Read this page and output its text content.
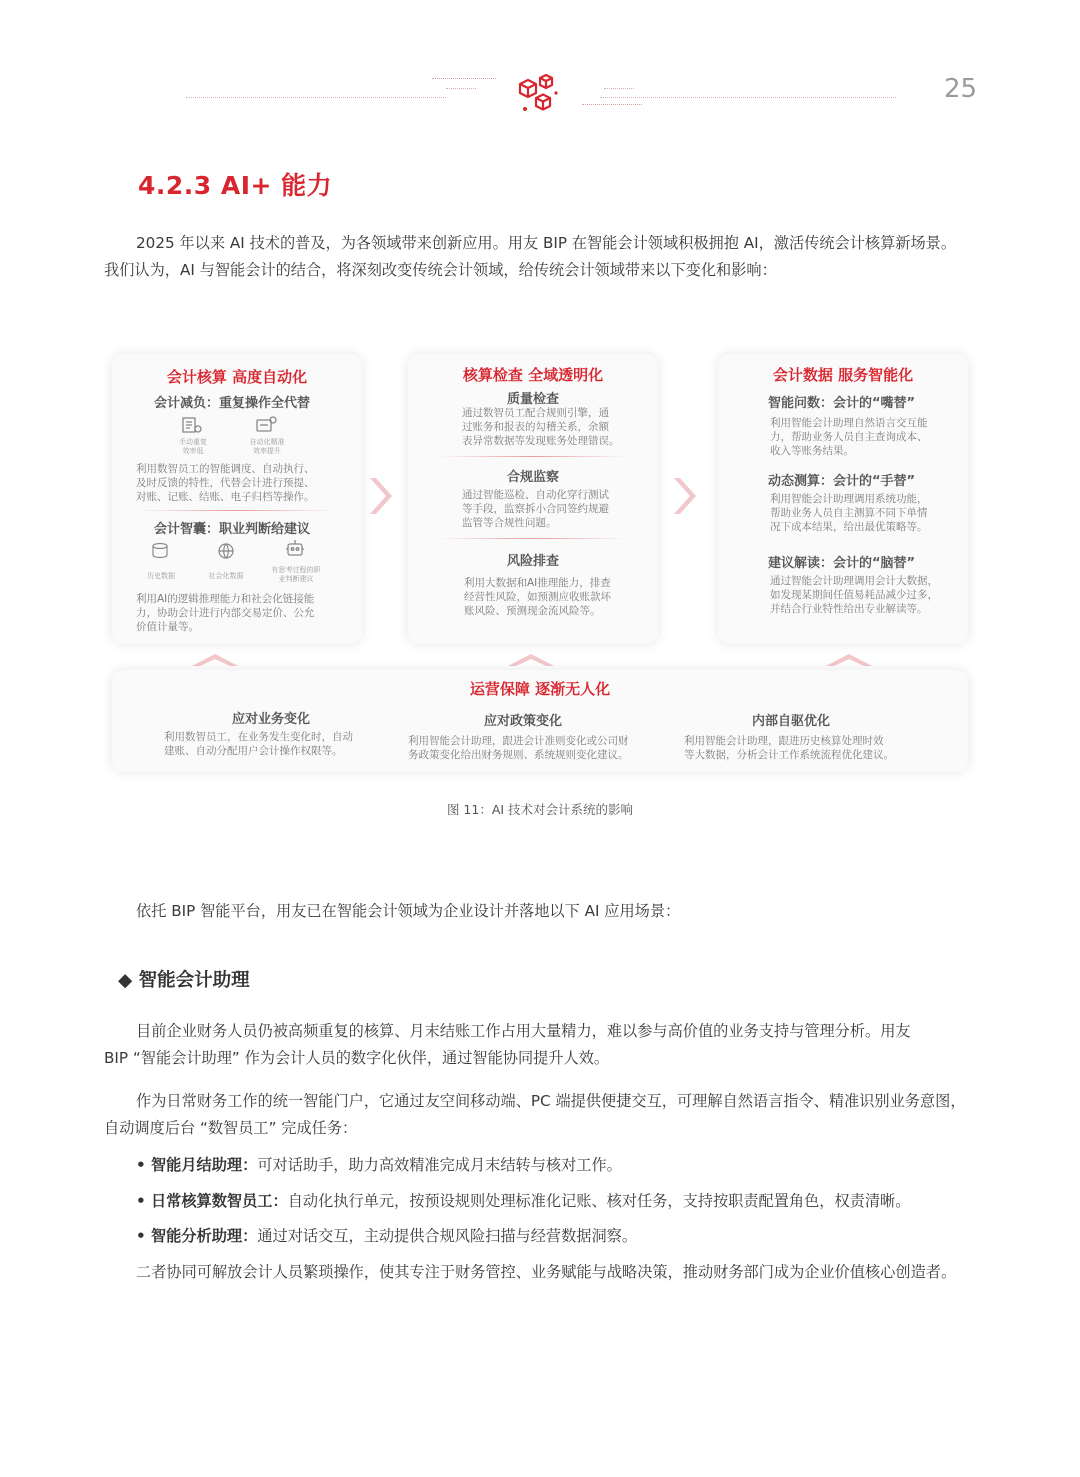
25
4.2.3 AI+ 能力

2025 年以来 AI 技术的普及，为各领域带来创新应用。用友 BIP 在智能会计领域积极拥抱 AI，激活传统会计核算新场景。
我们认为，AI 与智能会计的结合，将深刻改变传统会计领域，给传统会计领域带来以下变化和影响：

会计核算 高度自动化
会计减负：重复操作全代替
手动重复
效率低
自动化精准
效率提升
利用数智员工的智能调度、自动执行、
及时反馈的特性，代替会计进行预提、
对账、记账、结账、电子归档等操作。
会计智囊：职业判断给建议
历史数据	社会化数据
有思考过程的职
业判断建议
利用AI的逻辑推理能力和社会化链接能
力，协助会计进行内部交易定价、公允
价值计量等。
核算检查 全域透明化
质量检查
通过数智员工配合规则引擎，通
过账务和报表的勾稽关系，余额
表异常数据等发现账务处理错误。
合规监察
通过智能巡检、自动化穿行测试
等手段，监察拆小合同签约规避
监管等合规性问题。
风险排查
利用大数据和AI推理能力，排查
经营性风险，如预测应收账款坏
账风险、预测现金流风险等。
会计数据 服务智能化
智能问数：会计的“嘴替”
利用智能会计助理自然语言交互能
力，帮助业务人员自主查询成本、
收入等账务结果。
动态测算：会计的“手替”
利用智能会计助理调用系统功能，
帮助业务人员自主测算不同下单情
况下成本结果，给出最优策略等。
建议解读：会计的“脑替”
通过智能会计助理调用会计大数据，
如发现某期间任值易耗品减少过多，
并结合行业特性给出专业解读等。
运营保障 逐渐无人化
应对业务变化
利用数智员工，在业务发生变化时，自动
建账、自动分配用户会计操作权限等。
应对政策变化
利用智能会计助理，跟进会计准则变化或公司财
务政策变化给出财务规则、系统规则变化建议。
内部自驱优化
利用智能会计助理，跟进历史核算处理时效
等大数据，分析会计工作系统流程优化建议。
图 11：AI 技术对会计系统的影响

依托 BIP 智能平台，用友已在智能会计领域为企业设计并落地以下 AI 应用场景：

◆ 智能会计助理

目前企业财务人员仍被高频重复的核算、月末结账工作占用大量精力，难以参与高价值的业务支持与管理分析。用友
BIP “智能会计助理” 作为会计人员的数字化伙伴，通过智能协同提升人效。

作为日常财务工作的统一智能门户，它通过友空间移动端、PC 端提供便捷交互，可理解自然语言指令、精准识别业务意图，
自动调度后台 “数智员工” 完成任务：

• 智能月结助理：可对话助手，助力高效精准完成月末结转与核对工作。
• 日常核算数智员工：自动化执行单元，按预设规则处理标准化记账、核对任务，支持按职责配置角色，权责清晰。
• 智能分析助理：通过对话交互，主动提供合规风险扫描与经营数据洞察。

二者协同可解放会计人员繁琐操作，使其专注于财务管控、业务赋能与战略决策，推动财务部门成为企业价值核心创造者。
